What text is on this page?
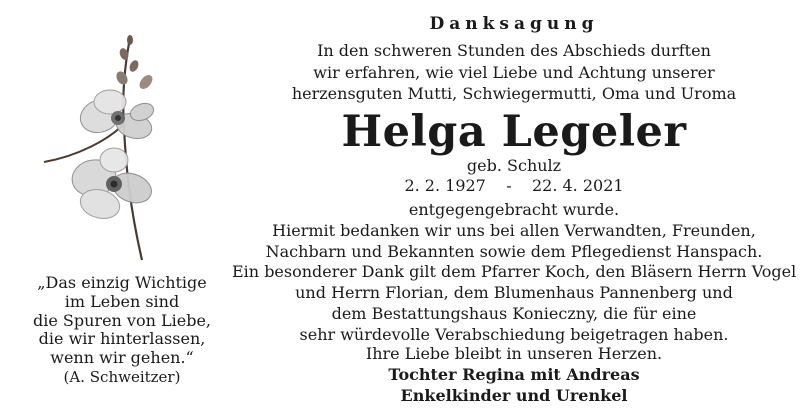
„Das einzig Wichtige
im Leben sind
die Spuren von Liebe,
die wir hinterlassen,
wenn wir gehen.“
(A. Schweitzer)
Danksagung
In den schweren Stunden des Abschieds durften
wir erfahren, wie viel Liebe und Achtung unserer
herzensguten Mutti, Schwiegermutti, Oma und Uroma
Helga Legeler
geb. Schulz
2. 2. 1927    -    22. 4. 2021
entgegengebracht wurde.
Hiermit bedanken wir uns bei allen Verwandten, Freunden,
Nachbarn und Bekannten sowie dem Pflegedienst Hanspach.
Ein besonderer Dank gilt dem Pfarrer Koch, den Bläsern Herrn Vogel
und Herrn Florian, dem Blumenhaus Pannenberg und
dem Bestattungshaus Konieczny, die für eine
sehr würdevolle Verabschiedung beigetragen haben.
Ihre Liebe bleibt in unseren Herzen.
Tochter Regina mit Andreas
Enkelkinder und Urenkel
